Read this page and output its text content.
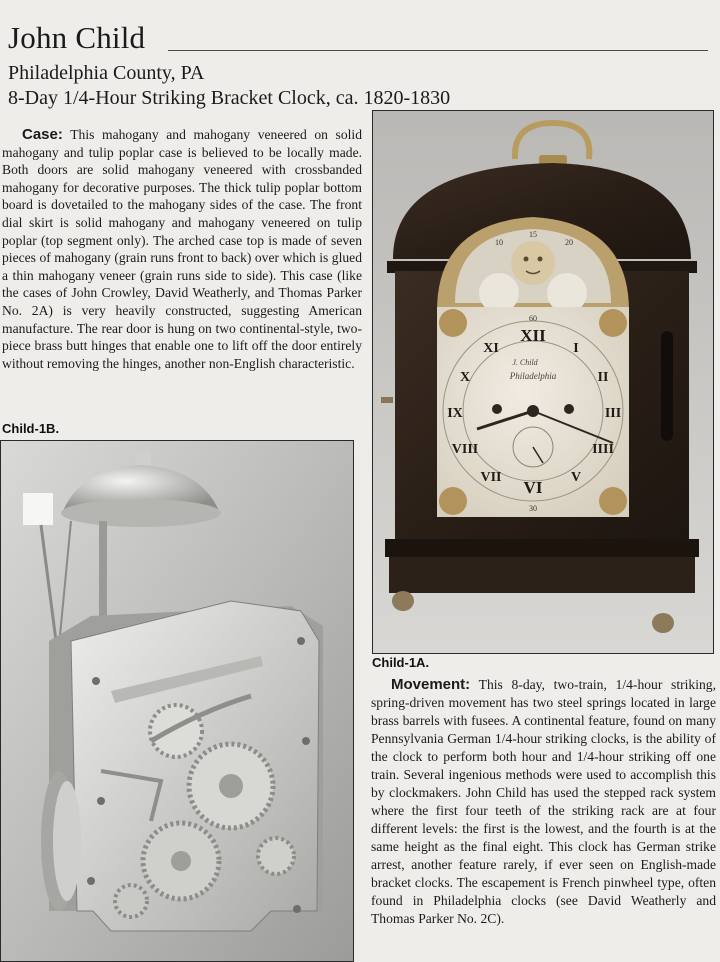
John Child
Philadelphia County, PA
8-Day 1/4-Hour Striking Bracket Clock, ca. 1820-1830

Case: This mahogany and mahogany veneered on solid mahogany and tulip poplar case is believed to be locally made. Both doors are solid mahogany veneered with crossbanded mahogany for decorative purposes. The thick tulip poplar bottom board is dovetailed to the mahogany sides of the case. The front dial skirt is solid mahogany and mahogany veneered on tulip poplar (top segment only). The arched case top is made of seven pieces of mahogany (grain runs front to back) over which is glued a thin mahogany veneer (grain runs side to side). This case (like the cases of John Crowley, David Weatherly, and Thomas Parker No. 2A) is very heavily constructed, suggesting American manufacture. The rear door is hung on two continental-style, two-piece brass butt hinges that enable one to lift off the door entirely without removing the hinges, another non-English characteristic.

Child-1B.
XII
I
II
III
IIII
V
VI
VII
VIII
IX
X
XI
60
30
10
15
20
J. Child
Philadelphia
Child-1A.

Movement: This 8-day, two-train, 1/4-hour striking, spring-driven movement has two steel springs located in large brass barrels with fusees. A continental feature, found on many Pennsylvania German 1/4-hour striking clocks, is the ability of the clock to perform both hour and 1/4-hour striking off one train. Several ingenious methods were used to accomplish this by clockmakers. John Child has used the stepped rack system where the first four teeth of the striking rack are at four different levels: the first is the lowest, and the fourth is at the same height as the final eight. This clock has German strike arrest, another feature rarely, if ever seen on English-made bracket clocks. The escapement is French pinwheel type, often found in Philadelphia clocks (see David Weatherly and Thomas Parker No. 2C).
